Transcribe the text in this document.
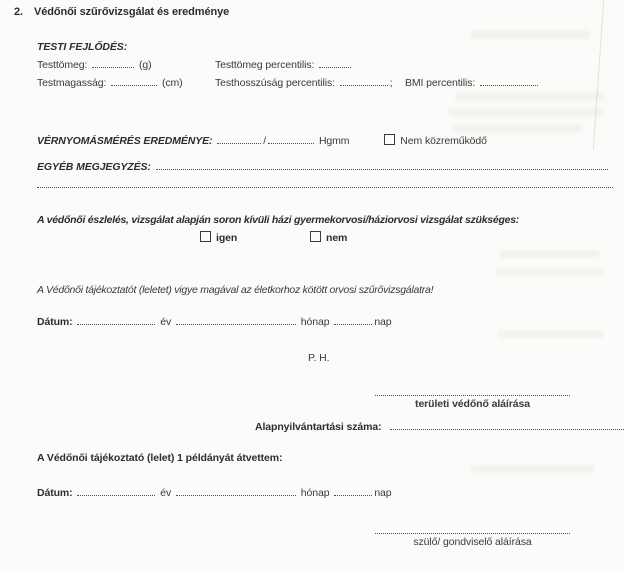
2. Védőnői szűrővizsgálat és eredménye
TESTI FEJLŐDÉS:
Testtömeg:	(g)	Testtömeg percentilis:
Testmagasság:	(cm)	Testhosszúság percentilis:	; BMI percentilis:
VÉRNYOMÁSMÉRÉS EREDMÉNYE:	/	Hgmm	Nem közreműködő
EGYÉB MEGJEGYZÉS:
A védőnői észlelés, vizsgálat alapján soron kívüli házi gyermekorvosi/háziorvosi vizsgálat szükséges:
igen	nem
A Védőnői tájékoztatót (leletet) vigye magával az életkorhoz kötött orvosi szűrővizsgálatra!
Dátum:	év	hónap	nap
P. H.
területi védőnő aláírása
Alapnyilvántartási száma:
A Védőnői tájékoztató (lelet) 1 példányát átvettem:
Dátum:	év	hónap	nap
szülő/ gondviselő aláírása
